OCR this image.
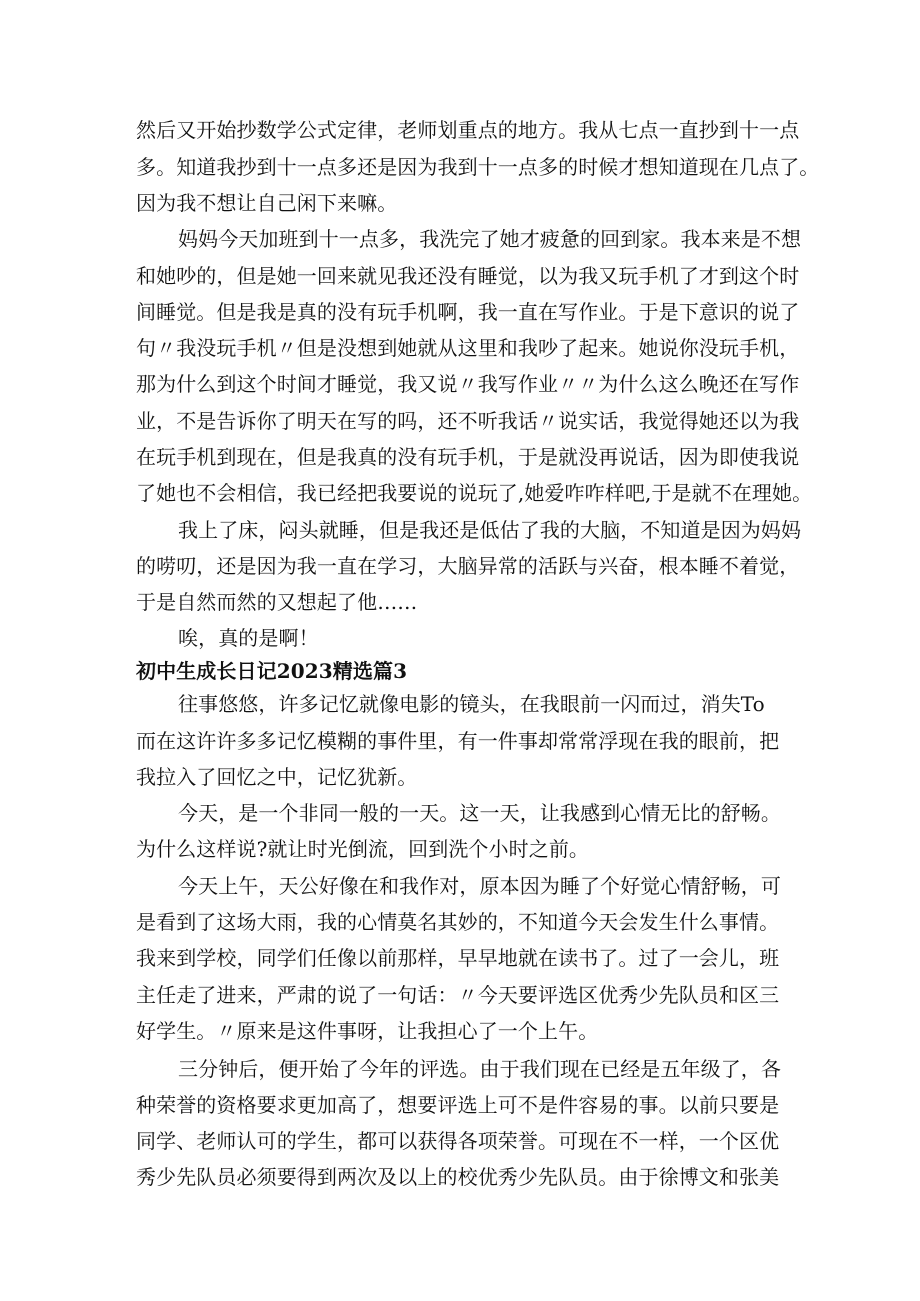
然后又开始抄数学公式定律，老师划重点的地方。我从七点一直抄到十一点
多。知道我抄到十一点多还是因为我到十一点多的时候才想知道现在几点了。
因为我不想让自己闲下来嘛。
妈妈今天加班到十一点多，我洗完了她才疲惫的回到家。我本来是不想
和她吵的，但是她一回来就见我还没有睡觉，以为我又玩手机了才到这个时
间睡觉。但是我是真的没有玩手机啊，我一直在写作业。于是下意识的说了
句〃我没玩手机〃但是没想到她就从这里和我吵了起来。她说你没玩手机，
那为什么到这个时间才睡觉，我又说〃我写作业〃〃为什么这么晚还在写作
业，不是告诉你了明天在写的吗，还不听我话〃说实话，我觉得她还以为我
在玩手机到现在，但是我真的没有玩手机，于是就没再说话，因为即使我说
了她也不会相信，我已经把我要说的说玩了,她爱咋咋样吧,于是就不在理她。
我上了床，闷头就睡，但是我还是低估了我的大脑，不知道是因为妈妈
的唠叨，还是因为我一直在学习，大脑异常的活跃与兴奋，根本睡不着觉，
于是自然而然的又想起了他……
唉，真的是啊！
初中生成长日记2023精选篇3
往事悠悠，许多记忆就像电影的镜头，在我眼前一闪而过，消失To
而在这许许多多记忆模糊的事件里，有一件事却常常浮现在我的眼前，把
我拉入了回忆之中，记忆犹新。
今天，是一个非同一般的一天。这一天，让我感到心情无比的舒畅。
为什么这样说?就让时光倒流，回到洗个小时之前。
今天上午，天公好像在和我作对，原本因为睡了个好觉心情舒畅，可
是看到了这场大雨，我的心情莫名其妙的，不知道今天会发生什么事情。
我来到学校，同学们任像以前那样，早早地就在读书了。过了一会儿，班
主任走了进来，严肃的说了一句话：〃今天要评选区优秀少先队员和区三
好学生。〃原来是这件事呀，让我担心了一个上午。
三分钟后，便开始了今年的评选。由于我们现在已经是五年级了，各
种荣誉的资格要求更加高了，想要评选上可不是件容易的事。以前只要是
同学、老师认可的学生，都可以获得各项荣誉。可现在不一样，一个区优
秀少先队员必须要得到两次及以上的校优秀少先队员。由于徐博文和张美
